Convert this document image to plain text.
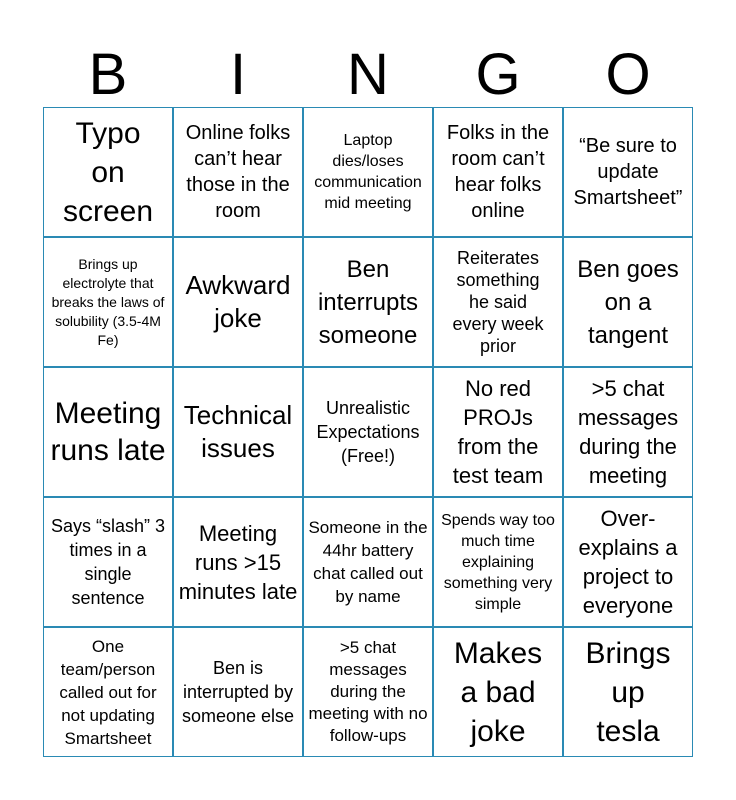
B	I	N	G	O
Typo on screen
Online folks can’t hear those in the room
Laptop dies/loses communication mid meeting
Folks in the room can’t hear folks online
“Be sure to update Smartsheet”
Brings up electrolyte that breaks the laws of solubility (3.5-4M Fe)
Awkward joke
Ben interrupts someone
Reiterates something he said every week prior
Ben goes on a tangent
Meeting runs late
Technical issues
Unrealistic Expectations (Free!)
No red PROJs from the test team
>5 chat messages during the meeting
Says “slash” 3 times in a single sentence
Meeting runs >15 minutes late
Someone in the 44hr battery chat called out by name
Spends way too much time explaining something very simple
Over-explains a project to everyone
One team/person called out for not updating Smartsheet
Ben is interrupted by someone else
>5 chat messages during the meeting with no follow-ups
Makes a bad joke
Brings up tesla
